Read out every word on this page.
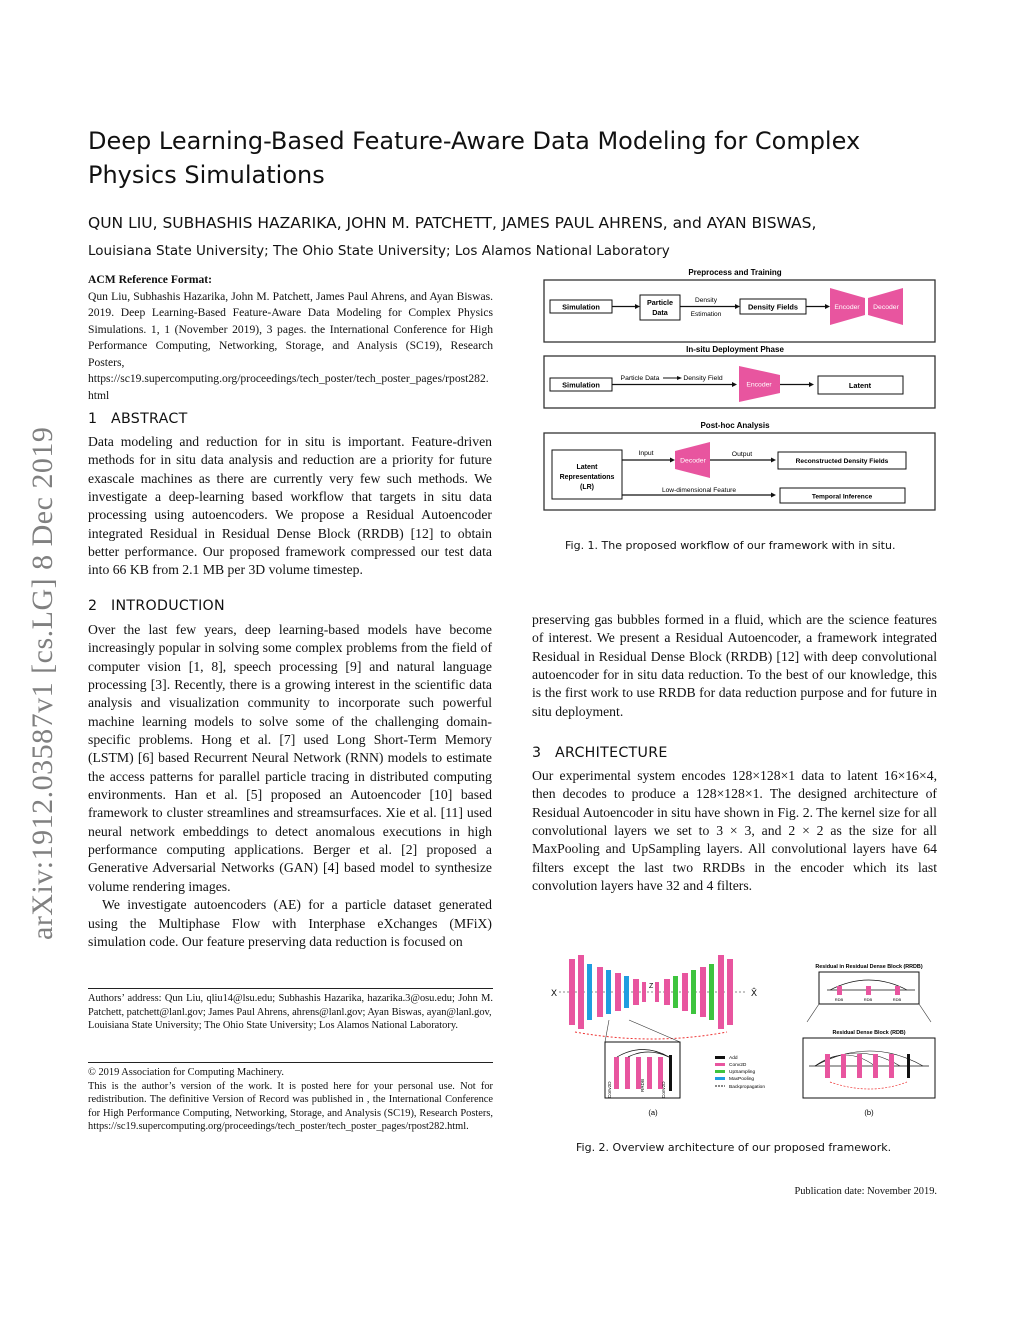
arXiv:1912.03587v1 [cs.LG] 8 Dec 2019
Deep Learning-Based Feature-Aware Data Modeling for Complex Physics Simulations
QUN LIU, SUBHASHIS HAZARIKA, JOHN M. PATCHETT, JAMES PAUL AHRENS, and AYAN BISWAS,
Louisiana State University; The Ohio State University; Los Alamos National Laboratory
ACM Reference Format:
Qun Liu, Subhashis Hazarika, John M. Patchett, James Paul Ahrens, and Ayan Biswas. 2019. Deep Learning-Based Feature-Aware Data Modeling for Complex Physics Simulations. 1, 1 (November 2019), 3 pages. the International Conference for High Performance Computing, Networking, Storage, and Analysis (SC19), Research Posters, https://sc19.supercomputing.org/proceedings/tech_poster/tech_poster_pages/rpost282.html
1 ABSTRACT

Data modeling and reduction for in situ is important. Feature-driven methods for in situ data analysis and reduction are a priority for future exascale machines as there are currently very few such methods. We investigate a deep-learning based workflow that targets in situ data processing using autoencoders. We propose a Residual Autoencoder integrated Residual in Residual Dense Block (RRDB) [12] to obtain better performance. Our proposed framework compressed our test data into 66 KB from 2.1 MB per 3D volume timestep.

2 INTRODUCTION

Over the last few years, deep learning-based models have become increasingly popular in solving some complex problems from the field of computer vision [1, 8], speech processing [9] and natural language processing [3]. Recently, there is a growing interest in the scientific data analysis and visualization community to incorporate such powerful machine learning models to solve some of the challenging domain-specific problems. Hong et al. [7] used Long Short-Term Memory (LSTM) [6] based Recurrent Neural Network (RNN) models to estimate the access patterns for parallel particle tracing in distributed computing environments. Han et al. [5] proposed an Autoencoder [10] based framework to cluster streamlines and streamsurfaces. Xie et al. [11] used neural network embeddings to detect anomalous executions in high performance computing applications. Berger et al. [2] proposed a Generative Adversarial Networks (GAN) [4] based model to synthesize volume rendering images.

We investigate autoencoders (AE) for a particle dataset generated using the Multiphase Flow with Interphase eXchanges (MFiX) simulation code. Our feature preserving data reduction is focused on

Authors’ address: Qun Liu, qliu14@lsu.edu; Subhashis Hazarika, hazarika.3@osu.edu; John M. Patchett, patchett@lanl.gov; James Paul Ahrens, ahrens@lanl.gov; Ayan Biswas, ayan@lanl.gov,

Louisiana State University; The Ohio State University; Los Alamos National Laboratory.

© 2019 Association for Computing Machinery.

This is the author’s version of the work. It is posted here for your personal use. Not for redistribution. The definitive Version of Record was published in , the International Conference for High Performance Computing, Networking, Storage, and Analysis (SC19), Research Posters, https://sc19.supercomputing.org/proceedings/tech_poster/tech_poster_pages/rpost282.html.

Preprocess and Training
Simulation	Particle
Data
Density
Estimation
Density Fields	Encoder Decoder
In-situ Deployment Phase
Simulation
Particle Data	Density Field
Encoder	Latent
Post-hoc Analysis
Latent
Representations
(LR)
Input
Decoder
Output
Reconstructed Density Fields
Low-dimensional Feature
Temporal Inference
Fig. 1. The proposed workflow of our framework with in situ.

preserving gas bubbles formed in a fluid, which are the science features of interest. We present a Residual Autoencoder, a framework integrated Residual in Residual Dense Block (RRDB) [12] with deep convolutional autoencoder for in situ data reduction. To the best of our knowledge, this is the first work to use RRDB for data reduction purpose and for future in situ deployment.

3 ARCHITECTURE

Our experimental system encodes 128×128×1 data to latent 16×16×4, then decodes to produce a 128×128×1. The designed architecture of Residual Autoencoder in situ have shown in Fig. 2. The kernel size for all convolutional layers we set to 3 × 3, and 2 × 2 as the size for all MaxPooling and UpSampling layers. All convolutional layers have 64 filters except the last two RRDBs in the encoder which its last convolution layers have 32 and 4 filters.

X	X̂
Z
Conv2D	RRDB	Conv2D
Add
Conv2D
UpSampling
MaxPooling
Backpropagation
(a)
Residual in Residual Dense Block (RRDB)
RDB	RDB	RDB
Residual Dense Block (RDB)
(b)
Fig. 2. Overview architecture of our proposed framework.
Publication date: November 2019.
